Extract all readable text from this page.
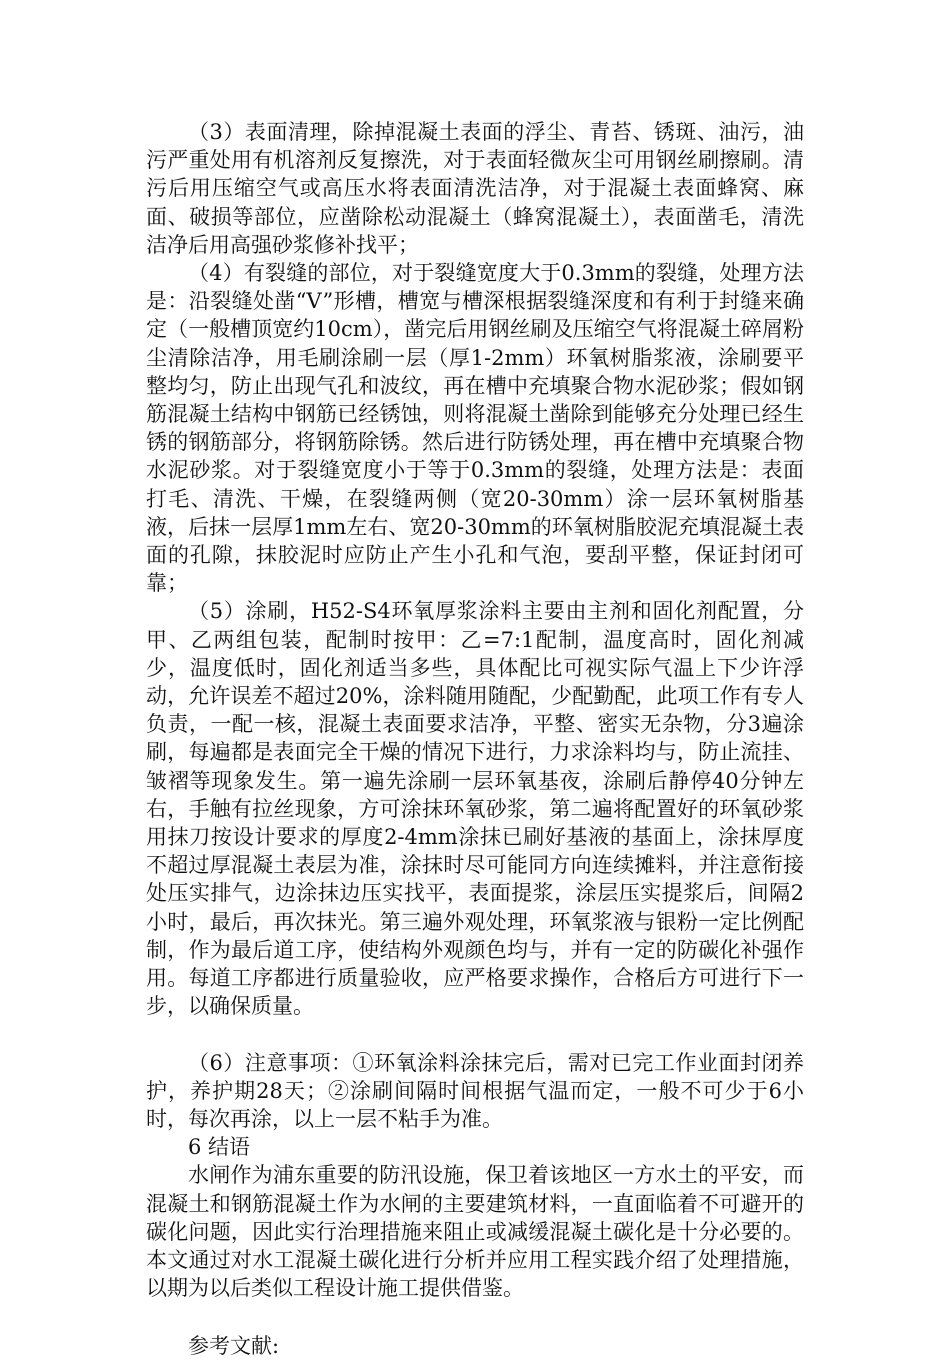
（3）表面清理，除掉混凝土表面的浮尘、青苔、锈斑、油污，油污严重处用有机溶剂反复擦洗，对于表面轻微灰尘可用钢丝刷擦刷。清污后用压缩空气或高压水将表面清洗洁净，对于混凝土表面蜂窝、麻面、破损等部位，应凿除松动混凝土（蜂窝混凝土），表面凿毛，清洗洁净后用高强砂浆修补找平；

（4）有裂缝的部位，对于裂缝宽度大于0.3mm的裂缝，处理方法是：沿裂缝处凿“V”形槽，槽宽与槽深根据裂缝深度和有利于封缝来确定（一般槽顶宽约10cm），凿完后用钢丝刷及压缩空气将混凝土碎屑粉尘清除洁净，用毛刷涂刷一层（厚1-2mm）环氧树脂浆液，涂刷要平整均匀，防止出现气孔和波纹，再在槽中充填聚合物水泥砂浆；假如钢筋混凝土结构中钢筋已经锈蚀，则将混凝土凿除到能够充分处理已经生锈的钢筋部分，将钢筋除锈。然后进行防锈处理，再在槽中充填聚合物水泥砂浆。对于裂缝宽度小于等于0.3mm的裂缝，处理方法是：表面打毛、清洗、干燥，在裂缝两侧（宽20-30mm）涂一层环氧树脂基液，后抹一层厚1mm左右、宽20-30mm的环氧树脂胶泥充填混凝土表面的孔隙，抹胶泥时应防止产生小孔和气泡，要刮平整，保证封闭可靠；

（5）涂刷，H52-S4环氧厚浆涂料主要由主剂和固化剂配置，分甲、乙两组包装，配制时按甲：乙=7:1配制，温度高时，固化剂减少，温度低时，固化剂适当多些，具体配比可视实际气温上下少许浮动，允许误差不超过20%，涂料随用随配，少配勤配，此项工作有专人负责，一配一核，混凝土表面要求洁净，平整、密实无杂物，分3遍涂刷，每遍都是表面完全干燥的情况下进行，力求涂料均与，防止流挂、皱褶等现象发生。第一遍先涂刷一层环氧基夜，涂刷后静停40分钟左右，手触有拉丝现象，方可涂抹环氧砂浆，第二遍将配置好的环氧砂浆用抹刀按设计要求的厚度2-4mm涂抹已刷好基液的基面上，涂抹厚度不超过厚混凝土表层为准，涂抹时尽可能同方向连续摊料，并注意衔接处压实排气，边涂抹边压实找平，表面提浆，涂层压实提浆后，间隔2小时，最后，再次抹光。第三遍外观处理，环氧浆液与银粉一定比例配制，作为最后道工序，使结构外观颜色均与，并有一定的防碳化补强作用。每道工序都进行质量验收，应严格要求操作，合格后方可进行下一步，以确保质量。

（6）注意事项：①环氧涂料涂抹完后，需对已完工作业面封闭养护，养护期28天；②涂刷间隔时间根据气温而定，一般不可少于6小时，每次再涂，以上一层不粘手为准。

6 结语

水闸作为浦东重要的防汛设施，保卫着该地区一方水土的平安，而混凝土和钢筋混凝土作为水闸的主要建筑材料，一直面临着不可避开的碳化问题，因此实行治理措施来阻止或减缓混凝土碳化是十分必要的。本文通过对水工混凝土碳化进行分析并应用工程实践介绍了处理措施，以期为以后类似工程设计施工提供借鉴。

参考文献:
